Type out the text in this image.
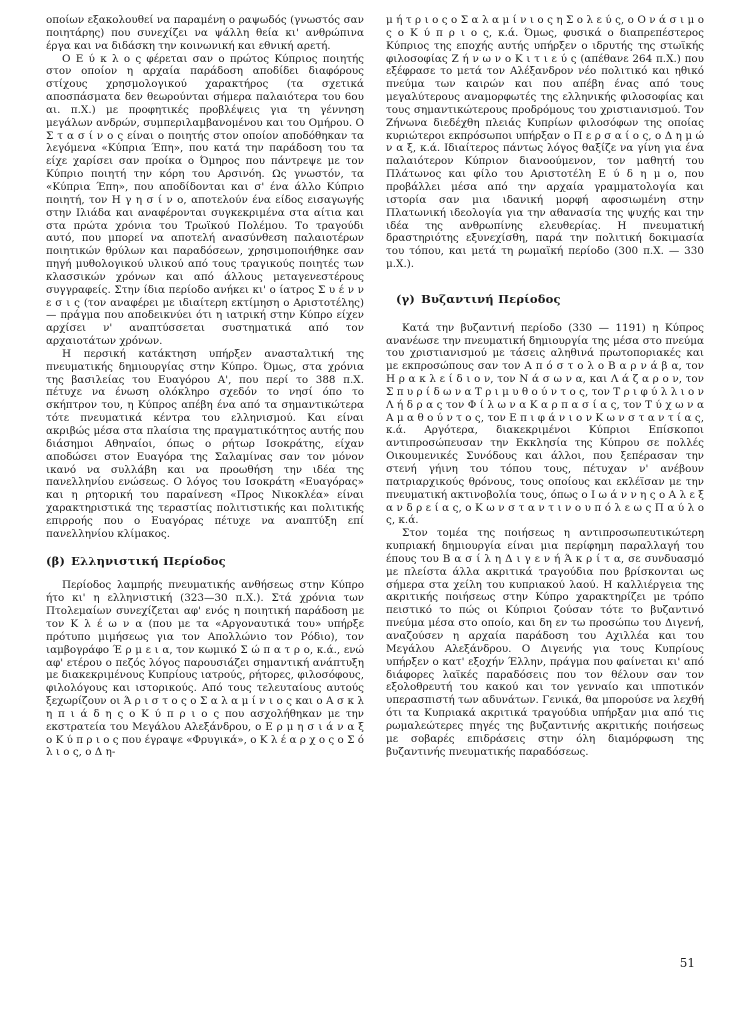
οποίων εξακολουθεί να παραμένη ο ραψωδός (γνωστός σαν ποιητάρης) που συνεχίζει να ψάλλη θεία κι' ανθρώπινα έργα και να διδάσκη την κοινωνική και εθνική αρετή.

Ο Ε ύ κ λ ο ς φέρεται σαν ο πρώτος Κύπριος ποιητής στον οποίον η αρχαία παράδοση αποδίδει διαφόρους στίχους χρησμολογικού χαρακτήρος (τα σχετικά αποσπάσματα δεν θεωρούνται σήμερα παλαιότερα του 6ου αι. π.Χ.) με προφητικές προβλέψεις για τη γέννηση μεγάλων ανδρών, συμπεριλαμβανομένου και του Ομήρου. Ο Σ τ α σ ί ν ο ς είναι ο ποιητής στον οποίον αποδόθηκαν τα λεγόμενα «Κύπρια Έπη», που κατά την παράδοση του τα είχε χαρίσει σαν προίκα ο Όμηρος που πάντρεψε με τον Κύπριο ποιητή την κόρη του Αρσινόη. Ως γνωστόν, τα «Κύπρια Έπη», που αποδίδονται και σ' ένα άλλο Κύπριο ποιητή, τον Η γ η σ ί ν ο, αποτελούν ένα είδος εισαγωγής στην Ιλιάδα και αναφέρονται συγκεκριμένα στα αίτια και στα πρώτα χρόνια του Τρωϊκού Πολέμου. Το τραγούδι αυτό, που μπορεί να αποτελή ανασύνθεση παλαιοτέρων ποιητικών θρύλων και παραδόσεων, χρησιμοποιήθηκε σαν πηγή μυθολογικού υλικού από τους τραγικούς ποιητές των κλασσικών χρόνων και από άλλους μεταγενεστέρους συγγραφείς. Στην ίδια περίοδο ανήκει κι' ο ίατρος Σ υ έ ν ν ε σ ι ς (τον αναφέρει με ιδιαίτερη εκτίμηση ο Αριστοτέλης) — πράγμα που αποδεικνύει ότι η ιατρική στην Κύπρο είχεν αρχίσει ν' αναπτύσσεται συστηματικά από τον αρχαιοτάτων χρόνων.

Η περσική κατάκτηση υπήρξεν ανασταλτική της πνευματικής δημιουργίας στην Κύπρο. Όμως, στα χρόνια της βασιλείας του Ευαγόρου Α', που περί το 388 π.Χ. πέτυχε να ένωση ολόκληρο σχεδόν το νησί όπο το σκήπτρον του, η Κύπρος απέβη ένα από τα σημαντικώτερα τότε πνευματικά κέντρα του ελληνισμού. Και είναι ακριβώς μέσα στα πλαίσια της πραγματικότητος αυτής που διάσημοι Αθηναίοι, όπως ο ρήτωρ Ισοκράτης, είχαν αποδώσει στον Ευαγόρα της Σαλαμίνας σαν τον μόνον ικανό να συλλάβη και να προωθήση την ιδέα της πανελληνίου ενώσεως. Ο λόγος του Ισοκράτη «Ευαγόρας» και η ρητορική του παραίνεση «Προς Νικοκλέα» είναι χαρακτηριστικά της τεραστίας πολιτιστικής και πολιτικής επιρροής που ο Ευαγόρας πέτυχε να αναπτύξη επί πανελληνίου κλίμακος.

(β) Ελληνιστική Περίοδος

Περίοδος λαμπρής πνευματικής ανθήσεως στην Κύπρο ήτο κι' η ελληνιστική (323—30 π.Χ.). Στά χρόνια των Πτολεμαίων συνεχίζεται αφ' ενός η ποιητική παράδοση με τον Κ λ έ ω ν α (που με τα «Αργοναυτικά του» υπήρξε πρότυπο μιμήσεως για τον Απολλώνιο τον Ρόδιο), τον ιαμβογράφο Έ ρ μ ε ι α, τον κωμικό Σ ώ π α τ ρ ο, κ.ά., ενώ αφ' ετέρου ο πεζός λόγος παρουσιάζει σημαντική ανάπτυξη με διακεκριμένους Κυπρίους ιατρούς, ρήτορες, φιλοσόφους, φιλολόγους και ιστορικούς. Από τους τελευταίους αυτούς ξεχωρίζουν οι Ά ρ ι σ τ ο ς ο Σ α λ α μ ί ν ι ο ς και ο Α σ κ λ η π ι ά δ η ς ο Κ ύ π ρ ι ο ς που ασχολήθηκαν με την εκστρατεία του Μεγάλου Αλεξάνδρου, ο Ε ρ μ η σ ι ά ν α ξ ο Κ ύ π ρ ι ο ς που έγραψε «Φρυγικά», ο Κ λ έ α ρ χ ο ς ο Σ ό λ ι ο ς, ο Δ η-

μ ή τ ρ ι ο ς ο Σ α λ α μ ί ν ι ο ς η Σ ο λ ε ύ ς, ο Ο ν ά σ ι μ ο ς ο Κ ύ π ρ ι ο ς, κ.ά. Όμως, φυσικά ο διαπρεπέστερος Κύπριος της εποχής αυτής υπήρξεν ο ιδρυτής της στωϊκής φιλοσοφίας Ζ ή ν ω ν ο Κ ι τ ι ε ύ ς (απέθανε 264 π.Χ.) που εξέφρασε το μετά τον Αλέξανδρον νέο πολιτικό και ηθικό πνεύμα των καιρών και που απέβη ένας από τους μεγαλύτερους αναμορφωτές της ελληνικής φιλοσοφίας και τους σημαντικώτερους προδρόμους του χριστιανισμού. Τον Ζήνωνα διεδέχθη πλειάς Κυπρίων φιλοσόφων της οποίας κυριώτεροι εκπρόσωποι υπήρξαν ο Π ε ρ σ α ί ο ς, ο Δ η μ ώ ν α ξ, κ.ά. Ιδιαίτερος πάντως λόγος θαξίζε να γίνη για ένα παλαιότερον Κύπριον διανοούμενον, τον μαθητή του Πλάτωνος και φίλο του Αριστοτέλη Ε ύ δ η μ ο, που προβάλλει μέσα από την αρχαία γραμματολογία και ιστορία σαν μια ιδανική μορφή αφοσιωμένη στην Πλατωνική ιδεολογία για την αθανασία της ψυχής και την ιδέα της ανθρωπίνης ελευθερίας. Η πνευματική δραστηριότης εξυνεχίσθη, παρά την πολιτική δοκιμασία του τόπου, και μετά τη ρωμαϊκή περίοδο (300 π.Χ. — 330 μ.Χ.).

(γ) Βυζαντινή Περίοδος

Κατά την βυζαντινή περίοδο (330 — 1191) η Κύπρος ανανέωσε την πνευματική δημιουργία της μέσα στο πνεύμα του χριστιανισμού με τάσεις αληθινά πρωτοποριακές και με εκπροσώπους σαν τον Α π ό σ τ ο λ ο Β α ρ ν ά β α, τον Η ρ α κ λ ε ί δ ι ο ν, τον Ν ά σ ω ν α, και Λ ά ζ α ρ ο ν, τον Σ π υ ρ ί δ ω ν α Τ ρ ι μ υ θ ο ύ ν τ ο ς, τον Τ ρ ι φ ύ λ λ ι ο ν Λ ή δ ρ α ς τον Φ ί λ ω ν α Κ α ρ π α σ ί α ς, τον Τ ύ χ ω ν α Α μ α θ ο ύ ν τ ο ς, τον Ε π ι φ ά ν ι ο ν Κ ω ν σ τ α ν τ ί α ς, κ.ά. Αργότερα, διακεκριμένοι Κύπριοι Επίσκοποι αντιπροσώπευσαν την Εκκλησία της Κύπρου σε πολλές Οικουμενικές Συνόδους και άλλοι, που ξεπέρασαν την στενή γήινη του τόπου τους, πέτυχαν ν' ανέβουν πατριαρχικούς θρόνους, τους οποίους και εκλέϊσαν με την πνευματική ακτινοβολία τους, όπως ο Ι ω ά ν ν η ς ο Α λ ε ξ α ν δ ρ ε ί α ς, ο Κ ω ν σ τ α ν τ ι ν ο υ π ό λ ε ω ς Π α ύ λ ο ς, κ.ά.

Στον τομέα της ποιήσεως η αντιπροσωπευτικώτερη κυπριακή δημιουργία είναι μια περίφημη παραλλαγή του έπους του Β α σ ί λ η Δ ι γ ε ν ή Ά κ ρ ί τ α, σε συνδυασμό με πλείστα άλλα ακριτικά τραγούδια που βρίσκονται ως σήμερα στα χείλη του κυπριακού λαού. Η καλλιέργεια της ακριτικής ποιήσεως στην Κύπρο χαρακτηρίζει με τρόπο πειστικό το πώς οι Κύπριοι ζούσαν τότε το βυζαντινό πνεύμα μέσα στο οποίο, και δη εν τω προσώπω του Διγενή, αναζούσεν η αρχαία παράδοση του Αχιλλέα και του Μεγάλου Αλεξάνδρου. Ο Διγενής για τους Κυπρίους υπήρξεν ο κατ' εξοχήν Έλλην, πράγμα που φαίνεται κι' από διάφορες λαϊκές παραδόσεις που τον θέλουν σαν τον εξολοθρευτή του κακού και τον γενναίο και ιπποτικόν υπερασπιστή των αδυνάτων. Γενικά, θα μπορούσε να λεχθή ότι τα Κυπριακά ακριτικά τραγούδια υπήρξαν μια από τις ρωμαλεώτερες πηγές της βυζαντινής ακριτικής ποιήσεως με σοβαρές επιδράσεις στην όλη διαμόρφωση της βυζαντινής πνευματικής παραδόσεως.

51
